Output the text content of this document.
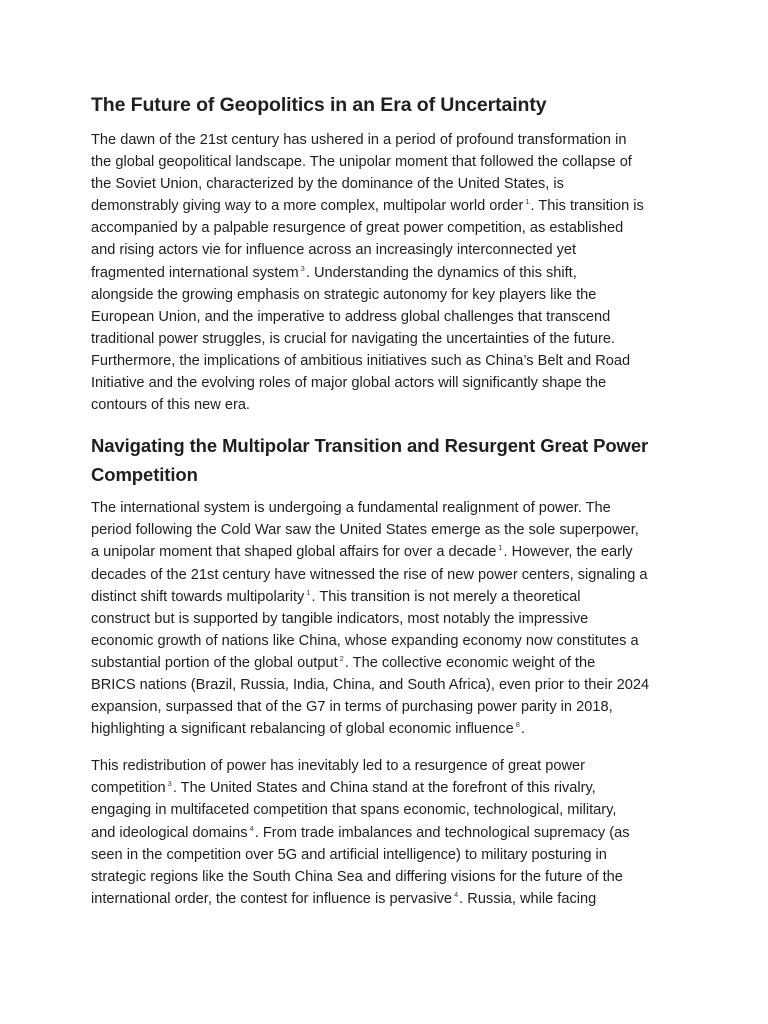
The Future of Geopolitics in an Era of Uncertainty

The dawn of the 21st century has ushered in a period of profound transformation in
the global geopolitical landscape. The unipolar moment that followed the collapse of
the Soviet Union, characterized by the dominance of the United States, is
demonstrably giving way to a more complex, multipolar world order $^1$. This transition is
accompanied by a palpable resurgence of great power competition, as established
and rising actors vie for influence across an increasingly interconnected yet
fragmented international system $^3$. Understanding the dynamics of this shift,
alongside the growing emphasis on strategic autonomy for key players like the
European Union, and the imperative to address global challenges that transcend
traditional power struggles, is crucial for navigating the uncertainties of the future.
Furthermore, the implications of ambitious initiatives such as China’s Belt and Road
Initiative and the evolving roles of major global actors will significantly shape the
contours of this new era.

Navigating the Multipolar Transition and Resurgent Great Power
Competition

The international system is undergoing a fundamental realignment of power. The
period following the Cold War saw the United States emerge as the sole superpower,
a unipolar moment that shaped global affairs for over a decade $^1$. However, the early
decades of the 21st century have witnessed the rise of new power centers, signaling a
distinct shift towards multipolarity $^1$. This transition is not merely a theoretical
construct but is supported by tangible indicators, most notably the impressive
economic growth of nations like China, whose expanding economy now constitutes a
substantial portion of the global output $^2$. The collective economic weight of the
BRICS nations (Brazil, Russia, India, China, and South Africa), even prior to their 2024
expansion, surpassed that of the G7 in terms of purchasing power parity in 2018,
highlighting a significant rebalancing of global economic influence $^8$.

This redistribution of power has inevitably led to a resurgence of great power
competition $^3$. The United States and China stand at the forefront of this rivalry,
engaging in multifaceted competition that spans economic, technological, military,
and ideological domains $^4$. From trade imbalances and technological supremacy (as
seen in the competition over 5G and artificial intelligence) to military posturing in
strategic regions like the South China Sea and differing visions for the future of the
international order, the contest for influence is pervasive $^4$. Russia, while facing
